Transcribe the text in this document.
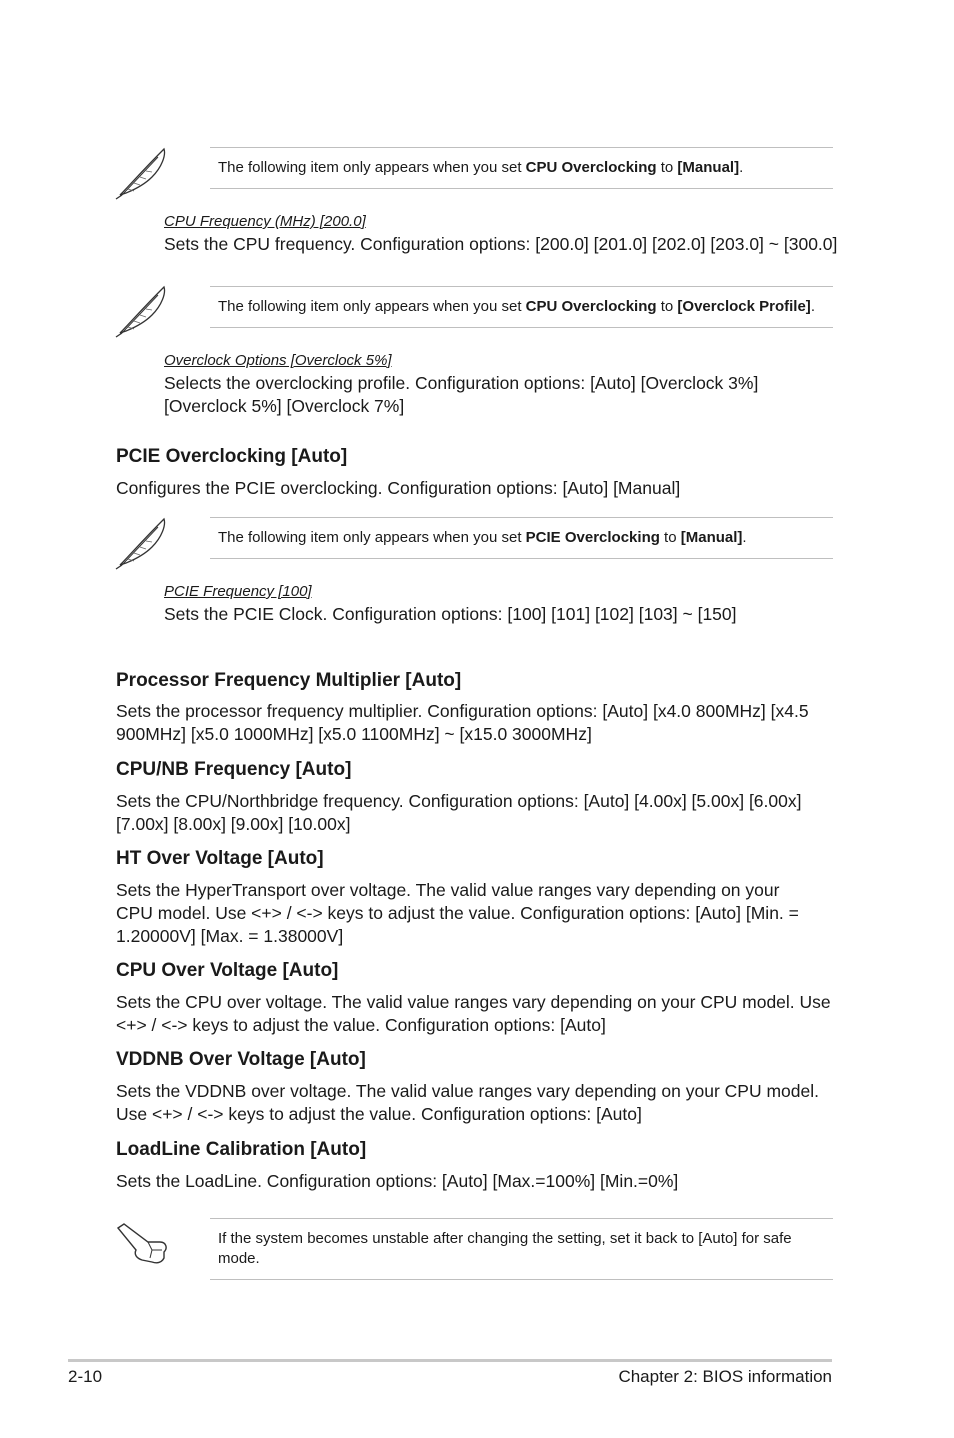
The following item only appears when you set CPU Overclocking to [Manual].
CPU Frequency (MHz) [200.0]
Sets the CPU frequency. Configuration options: [200.0] [201.0] [202.0] [203.0] ~ [300.0]
The following item only appears when you set CPU Overclocking to [Overclock Profile].
Overclock Options [Overclock 5%]
Selects the overclocking profile. Configuration options: [Auto] [Overclock 3%]
[Overclock 5%] [Overclock 7%]
PCIE Overclocking [Auto]
Configures the PCIE overclocking. Configuration options: [Auto] [Manual]
The following item only appears when you set PCIE Overclocking to [Manual].
PCIE Frequency [100]
Sets the PCIE Clock. Configuration options: [100] [101] [102] [103] ~ [150]
Processor Frequency Multiplier [Auto]
Sets the processor frequency multiplier. Configuration options: [Auto] [x4.0 800MHz] [x4.5
900MHz] [x5.0 1000MHz] [x5.0 1100MHz] ~ [x15.0 3000MHz]
CPU/NB Frequency [Auto]
Sets the CPU/Northbridge frequency. Configuration options: [Auto] [4.00x] [5.00x] [6.00x]
[7.00x] [8.00x] [9.00x] [10.00x]
HT Over Voltage [Auto]
Sets the HyperTransport over voltage. The valid value ranges vary depending on your
CPU model. Use <+> / <-> keys to adjust the value. Configuration options: [Auto] [Min. =
1.20000V] [Max. = 1.38000V]
CPU Over Voltage [Auto]
Sets the CPU over voltage. The valid value ranges vary depending on your CPU model. Use
<+> / <-> keys to adjust the value. Configuration options: [Auto]
VDDNB Over Voltage [Auto]
Sets the VDDNB over voltage. The valid value ranges vary depending on your CPU model.
Use <+> / <-> keys to adjust the value. Configuration options: [Auto]
LoadLine Calibration [Auto]
Sets the LoadLine. Configuration options: [Auto] [Max.=100%] [Min.=0%]
If the system becomes unstable after changing the setting, set it back to [Auto] for safe mode.
2-10	Chapter 2: BIOS information
